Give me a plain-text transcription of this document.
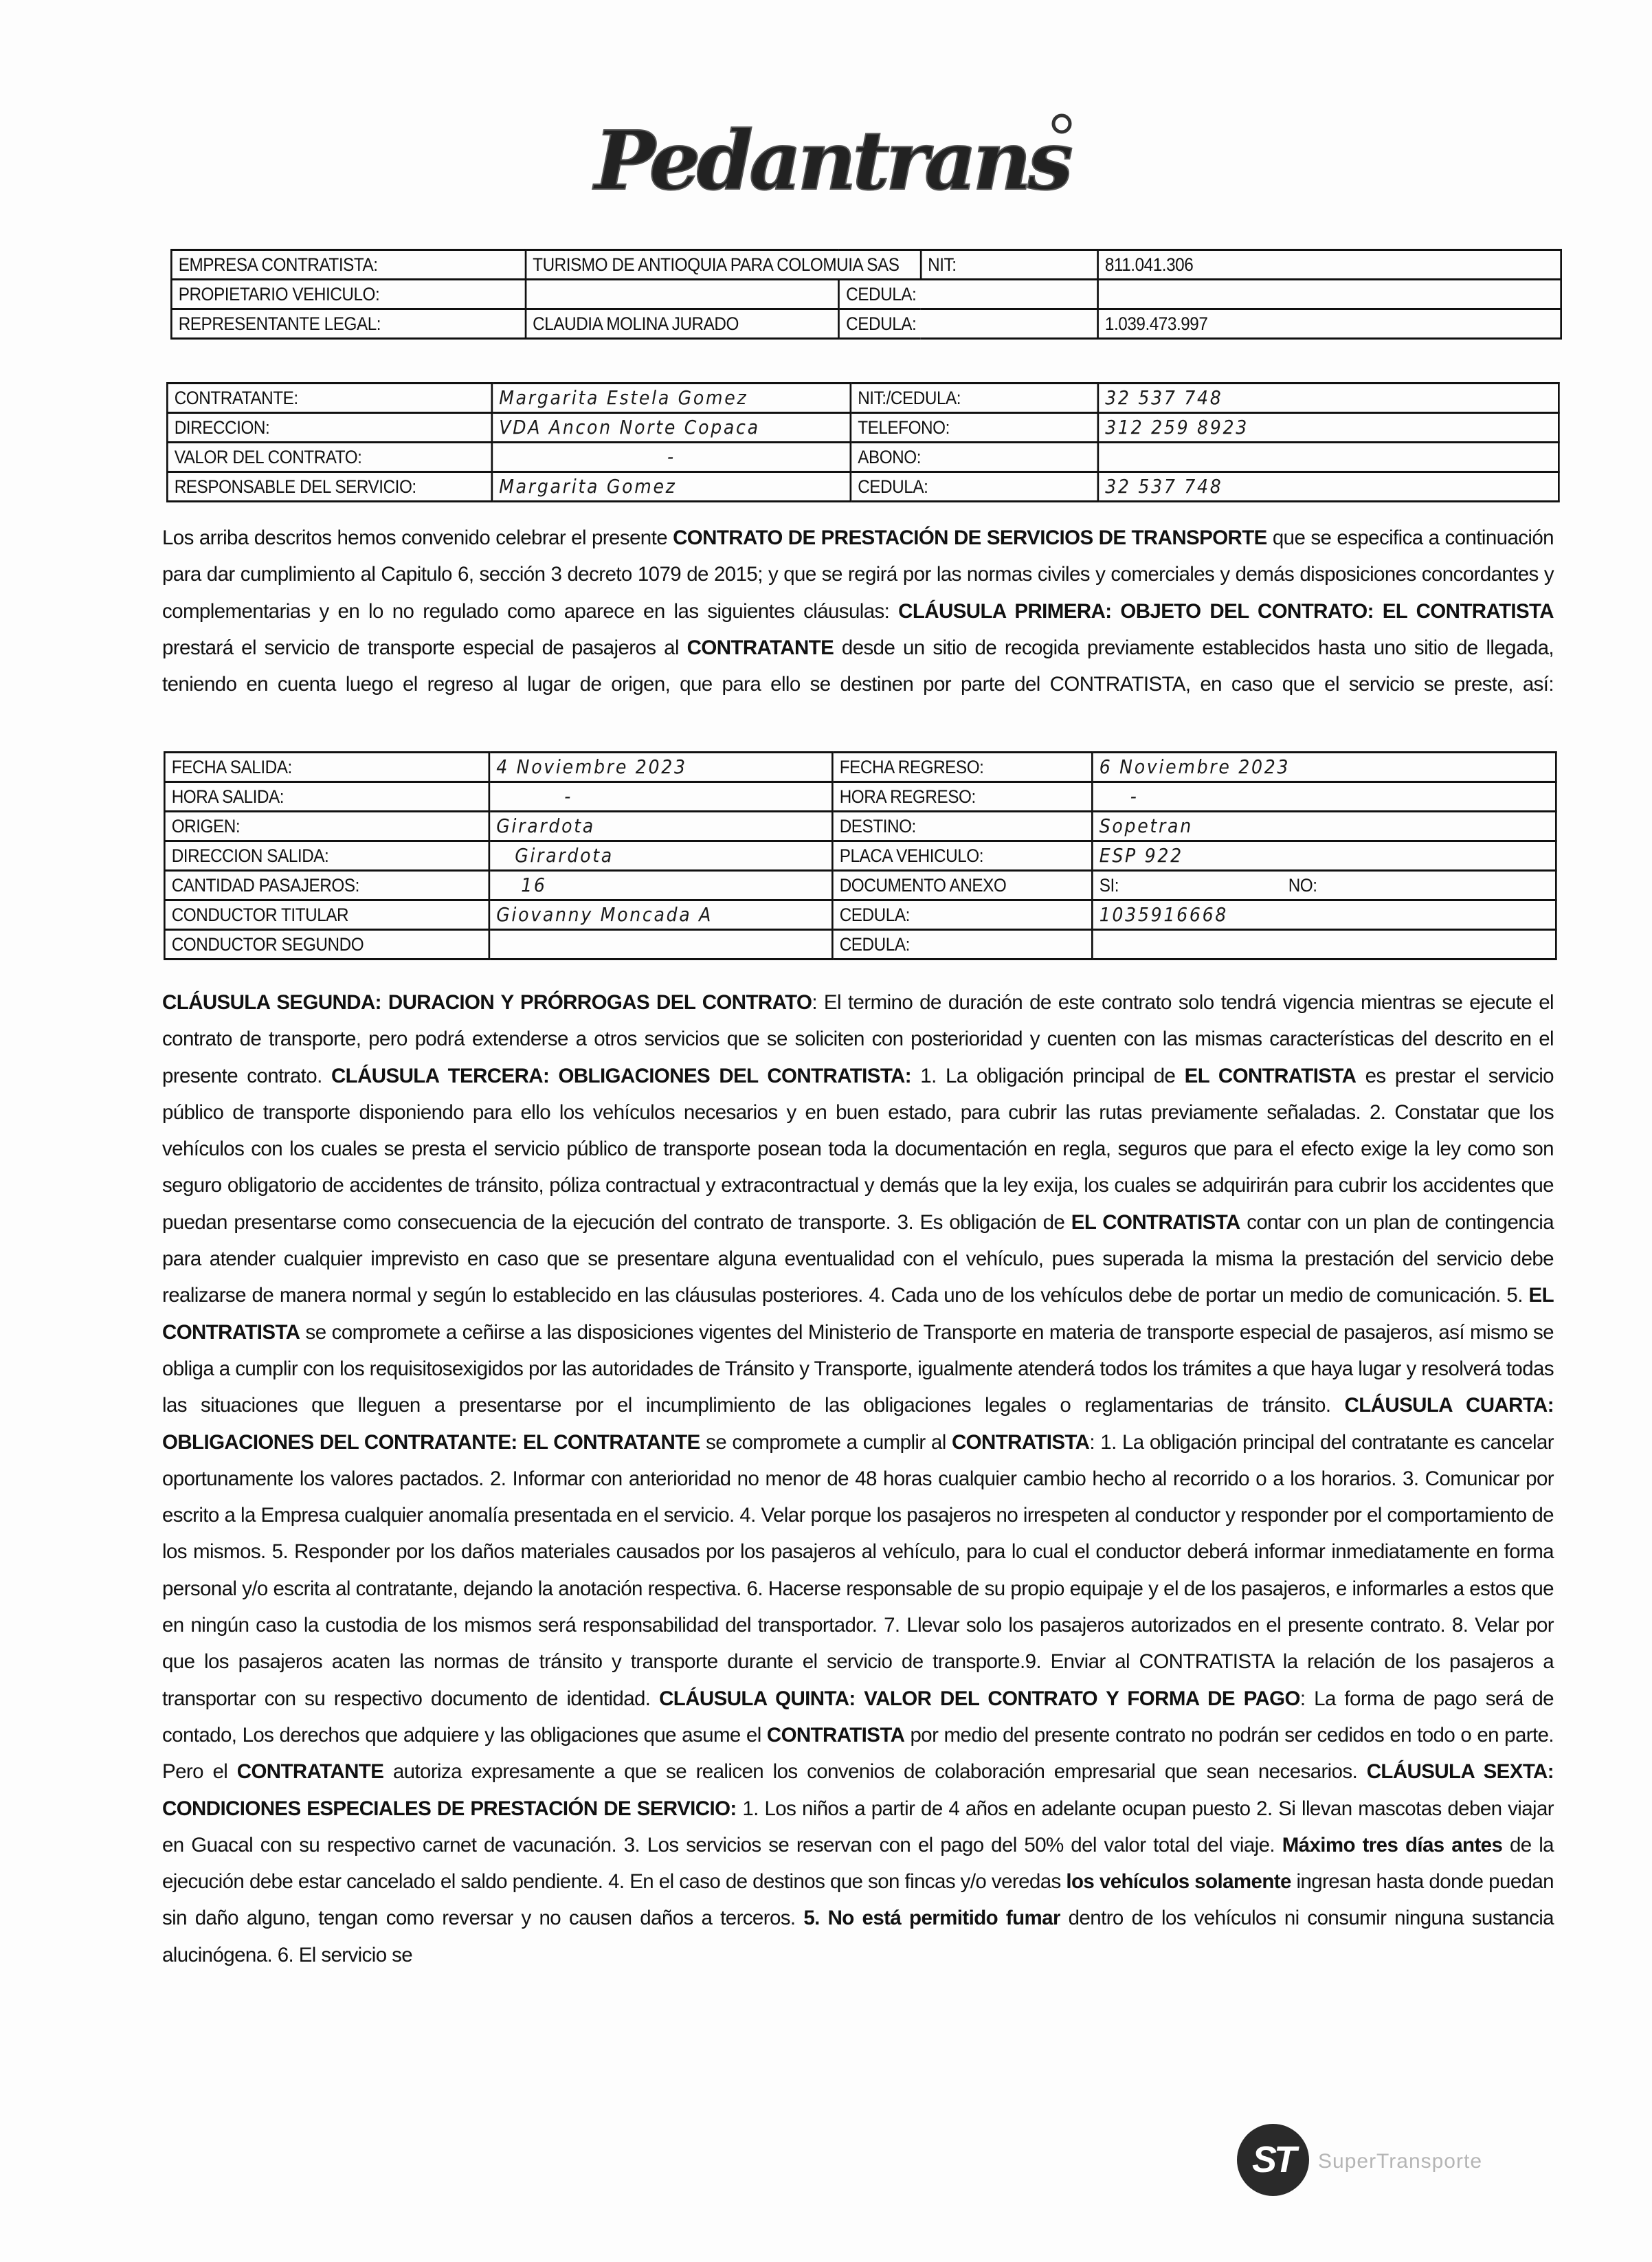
Pedantrans
EMPRESA CONTRATISTA:	TURISMO DE ANTIOQUIA PARA COLOMUIA SAS		NIT:	811.041.306
PROPIETARIO VEHICULO:		CEDULA:		
REPRESENTANTE LEGAL:	CLAUDIA MOLINA JURADO	CEDULA:		1.039.473.997
CONTRATANTE:	Margarita Estela Gomez	NIT:/CEDULA:	32 537 748
DIRECCION:	VDA Ancon Norte Copaca	TELEFONO:	312 259 8923
VALOR DEL CONTRATO:	-	ABONO:	
RESPONSABLE DEL SERVICIO:	Margarita Gomez	CEDULA:	32 537 748
Los arriba descritos hemos convenido celebrar el presente CONTRATO DE PRESTACIÓN DE SERVICIOS DE TRANSPORTE que se especifica a continuación para dar cumplimiento al Capitulo 6, sección 3 decreto 1079 de 2015; y que se regirá por las normas civiles y comerciales y demás disposiciones concordantes y complementarias y en lo no regulado como aparece en las siguientes cláusulas: CLÁUSULA PRIMERA: OBJETO DEL CONTRATO: EL CONTRATISTA prestará el servicio de transporte especial de pasajeros al CONTRATANTE desde un sitio de recogida previamente establecidos hasta uno sitio de llegada, teniendo en cuenta luego el regreso al lugar de origen, que para ello se destinen por parte del CONTRATISTA, en caso que el servicio se preste, así:
FECHA SALIDA:	4 Noviembre 2023	FECHA REGRESO:	6 Noviembre 2023
HORA SALIDA:	-	HORA REGRESO:	-
ORIGEN:	Girardota	DESTINO:	Sopetran
DIRECCION SALIDA:	Girardota	PLACA VEHICULO:	ESP 922
CANTIDAD PASAJEROS:	16	DOCUMENTO ANEXO	SI: NO:
CONDUCTOR TITULAR	Giovanny Moncada A	CEDULA:	1035916668
CONDUCTOR SEGUNDO		CEDULA:	
CLÁUSULA SEGUNDA: DURACION Y PRÓRROGAS DEL CONTRATO: El termino de duración de este contrato solo tendrá vigencia mientras se ejecute el contrato de transporte, pero podrá extenderse a otros servicios que se soliciten con posterioridad y cuenten con las mismas características del descrito en el presente contrato. CLÁUSULA TERCERA: OBLIGACIONES DEL CONTRATISTA: 1. La obligación principal de EL CONTRATISTA es prestar el servicio público de transporte disponiendo para ello los vehículos necesarios y en buen estado, para cubrir las rutas previamente señaladas. 2. Constatar que los vehículos con los cuales se presta el servicio público de transporte posean toda la documentación en regla, seguros que para el efecto exige la ley como son seguro obligatorio de accidentes de tránsito, póliza contractual y extracontractual y demás que la ley exija, los cuales se adquirirán para cubrir los accidentes que puedan presentarse como consecuencia de la ejecución del contrato de transporte. 3. Es obligación de EL CONTRATISTA contar con un plan de contingencia para atender cualquier imprevisto en caso que se presentare alguna eventualidad con el vehículo, pues superada la misma la prestación del servicio debe realizarse de manera normal y según lo establecido en las cláusulas posteriores. 4. Cada uno de los vehículos debe de portar un medio de comunicación. 5. EL CONTRATISTA se compromete a ceñirse a las disposiciones vigentes del Ministerio de Transporte en materia de transporte especial de pasajeros, así mismo se obliga a cumplir con los requisitosexigidos por las autoridades de Tránsito y Transporte, igualmente atenderá todos los trámites a que haya lugar y resolverá todas las situaciones que lleguen a presentarse por el incumplimiento de las obligaciones legales o reglamentarias de tránsito. CLÁUSULA CUARTA: OBLIGACIONES DEL CONTRATANTE: EL CONTRATANTE se compromete a cumplir al CONTRATISTA: 1. La obligación principal del contratante es cancelar oportunamente los valores pactados. 2. Informar con anterioridad no menor de 48 horas cualquier cambio hecho al recorrido o a los horarios. 3. Comunicar por escrito a la Empresa cualquier anomalía presentada en el servicio. 4. Velar porque los pasajeros no irrespeten al conductor y responder por el comportamiento de los mismos. 5. Responder por los daños materiales causados por los pasajeros al vehículo, para lo cual el conductor deberá informar inmediatamente en forma personal y/o escrita al contratante, dejando la anotación respectiva. 6. Hacerse responsable de su propio equipaje y el de los pasajeros, e informarles a estos que en ningún caso la custodia de los mismos será responsabilidad del transportador. 7. Llevar solo los pasajeros autorizados en el presente contrato. 8. Velar por que los pasajeros acaten las normas de tránsito y transporte durante el servicio de transporte.9. Enviar al CONTRATISTA la relación de los pasajeros a transportar con su respectivo documento de identidad. CLÁUSULA QUINTA: VALOR DEL CONTRATO Y FORMA DE PAGO: La forma de pago será de contado, Los derechos que adquiere y las obligaciones que asume el CONTRATISTA por medio del presente contrato no podrán ser cedidos en todo o en parte. Pero el CONTRATANTE autoriza expresamente a que se realicen los convenios de colaboración empresarial que sean necesarios. CLÁUSULA SEXTA: CONDICIONES ESPECIALES DE PRESTACIÓN DE SERVICIO: 1. Los niños a partir de 4 años en adelante ocupan puesto 2. Si llevan mascotas deben viajar en Guacal con su respectivo carnet de vacunación. 3. Los servicios se reservan con el pago del 50% del valor total del viaje. Máximo tres días antes de la ejecución debe estar cancelado el saldo pendiente. 4. En el caso de destinos que son fincas y/o veredas los vehículos solamente ingresan hasta donde puedan sin daño alguno, tengan como reversar y no causen daños a terceros. 5. No está permitido fumar dentro de los vehículos ni consumir ninguna sustancia alucinógena. 6. El servicio se
ST	SuperTransporte
